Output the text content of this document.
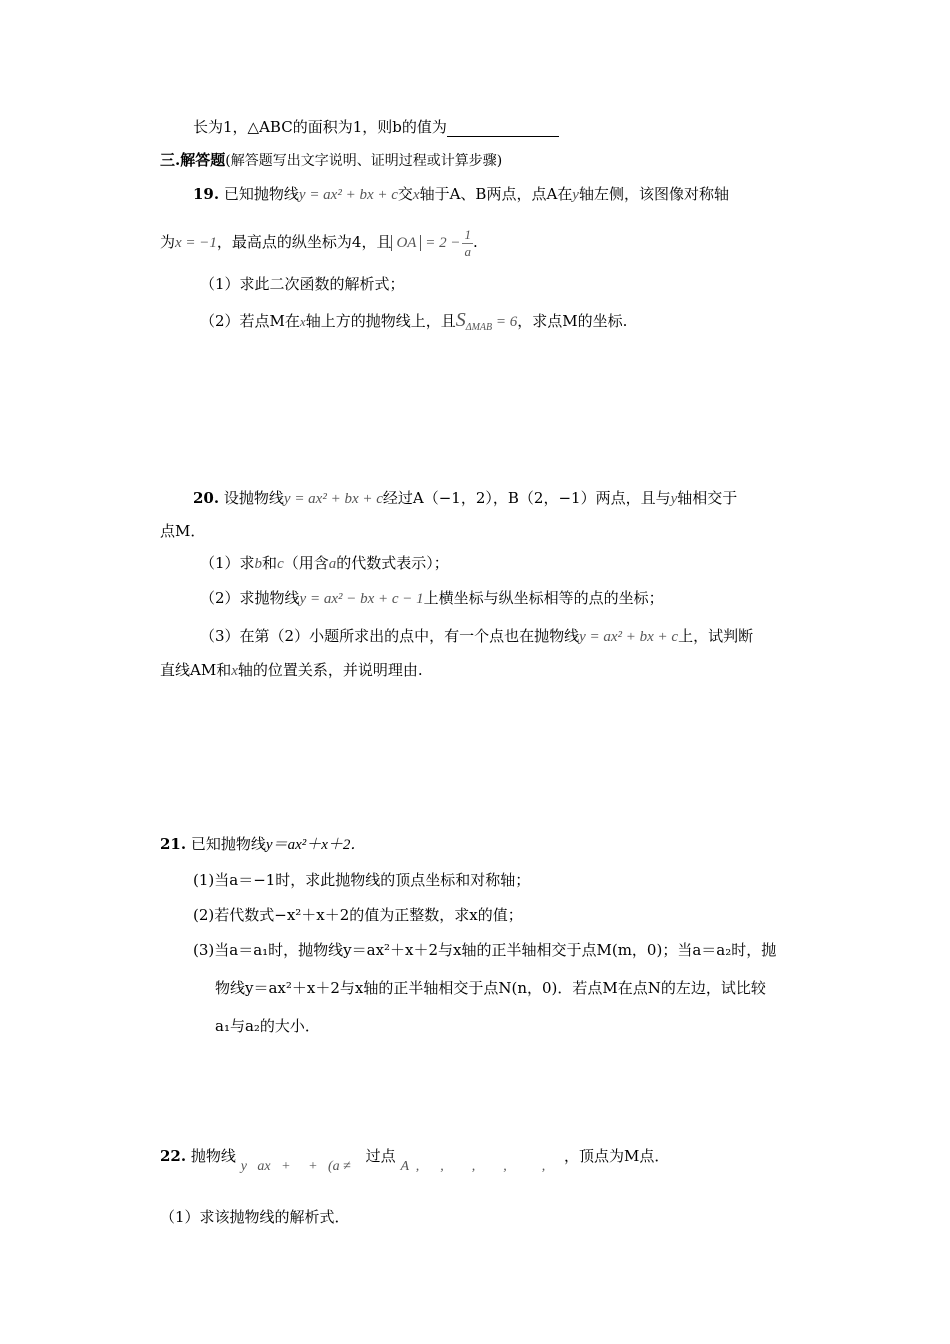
长为1，△ABC的面积为1，则b的值为
三.解答题(解答题写出文字说明、证明过程或计算步骤)
19. 已知抛物线y = ax² + bx + c交x轴于A、B两点，点A在y轴左侧，该图像对称轴
为x = −1，最高点的纵坐标为4，且 OA = $2 - \frac{1}{a}$ .
（1）求此二次函数的解析式；
（2）若点M在x轴上方的抛物线上，且$S_{\Delta MAB} = 6$，求点M的坐标.
20. 设抛物线y = ax² + bx + c经过A（−1，2），B（2，−1）两点，且与y轴相交于
点M．
（1）求b和c（用含a的代数式表示）；
（2）求抛物线y = ax² − bx + c − 1上横坐标与纵坐标相等的点的坐标；
（3）在第（2）小题所求出的点中，有一个点也在抛物线y = ax² + bx + c上，试判断
直线AM和x轴的位置关系，并说明理由.
21. 已知抛物线y＝ax²＋x＋2．
(1)当a＝−1时，求此抛物线的顶点坐标和对称轴；
(2)若代数式−x²＋x＋2的值为正整数，求x的值；
(3)当a＝a₁时，抛物线y＝ax²＋x＋2与x轴的正半轴相交于点M(m，0)；当a＝a₂时，抛
物线y＝ax²＋x＋2与x轴的正半轴相交于点N(n，0)．若点M在点N的左边，试比较
a₁与a₂的大小．
22. 抛物线 y   ax   +     +   (a ≠ 过点 A  ,      ,        ,        ,          , ，顶点为M点．
（1）求该抛物线的解析式．
